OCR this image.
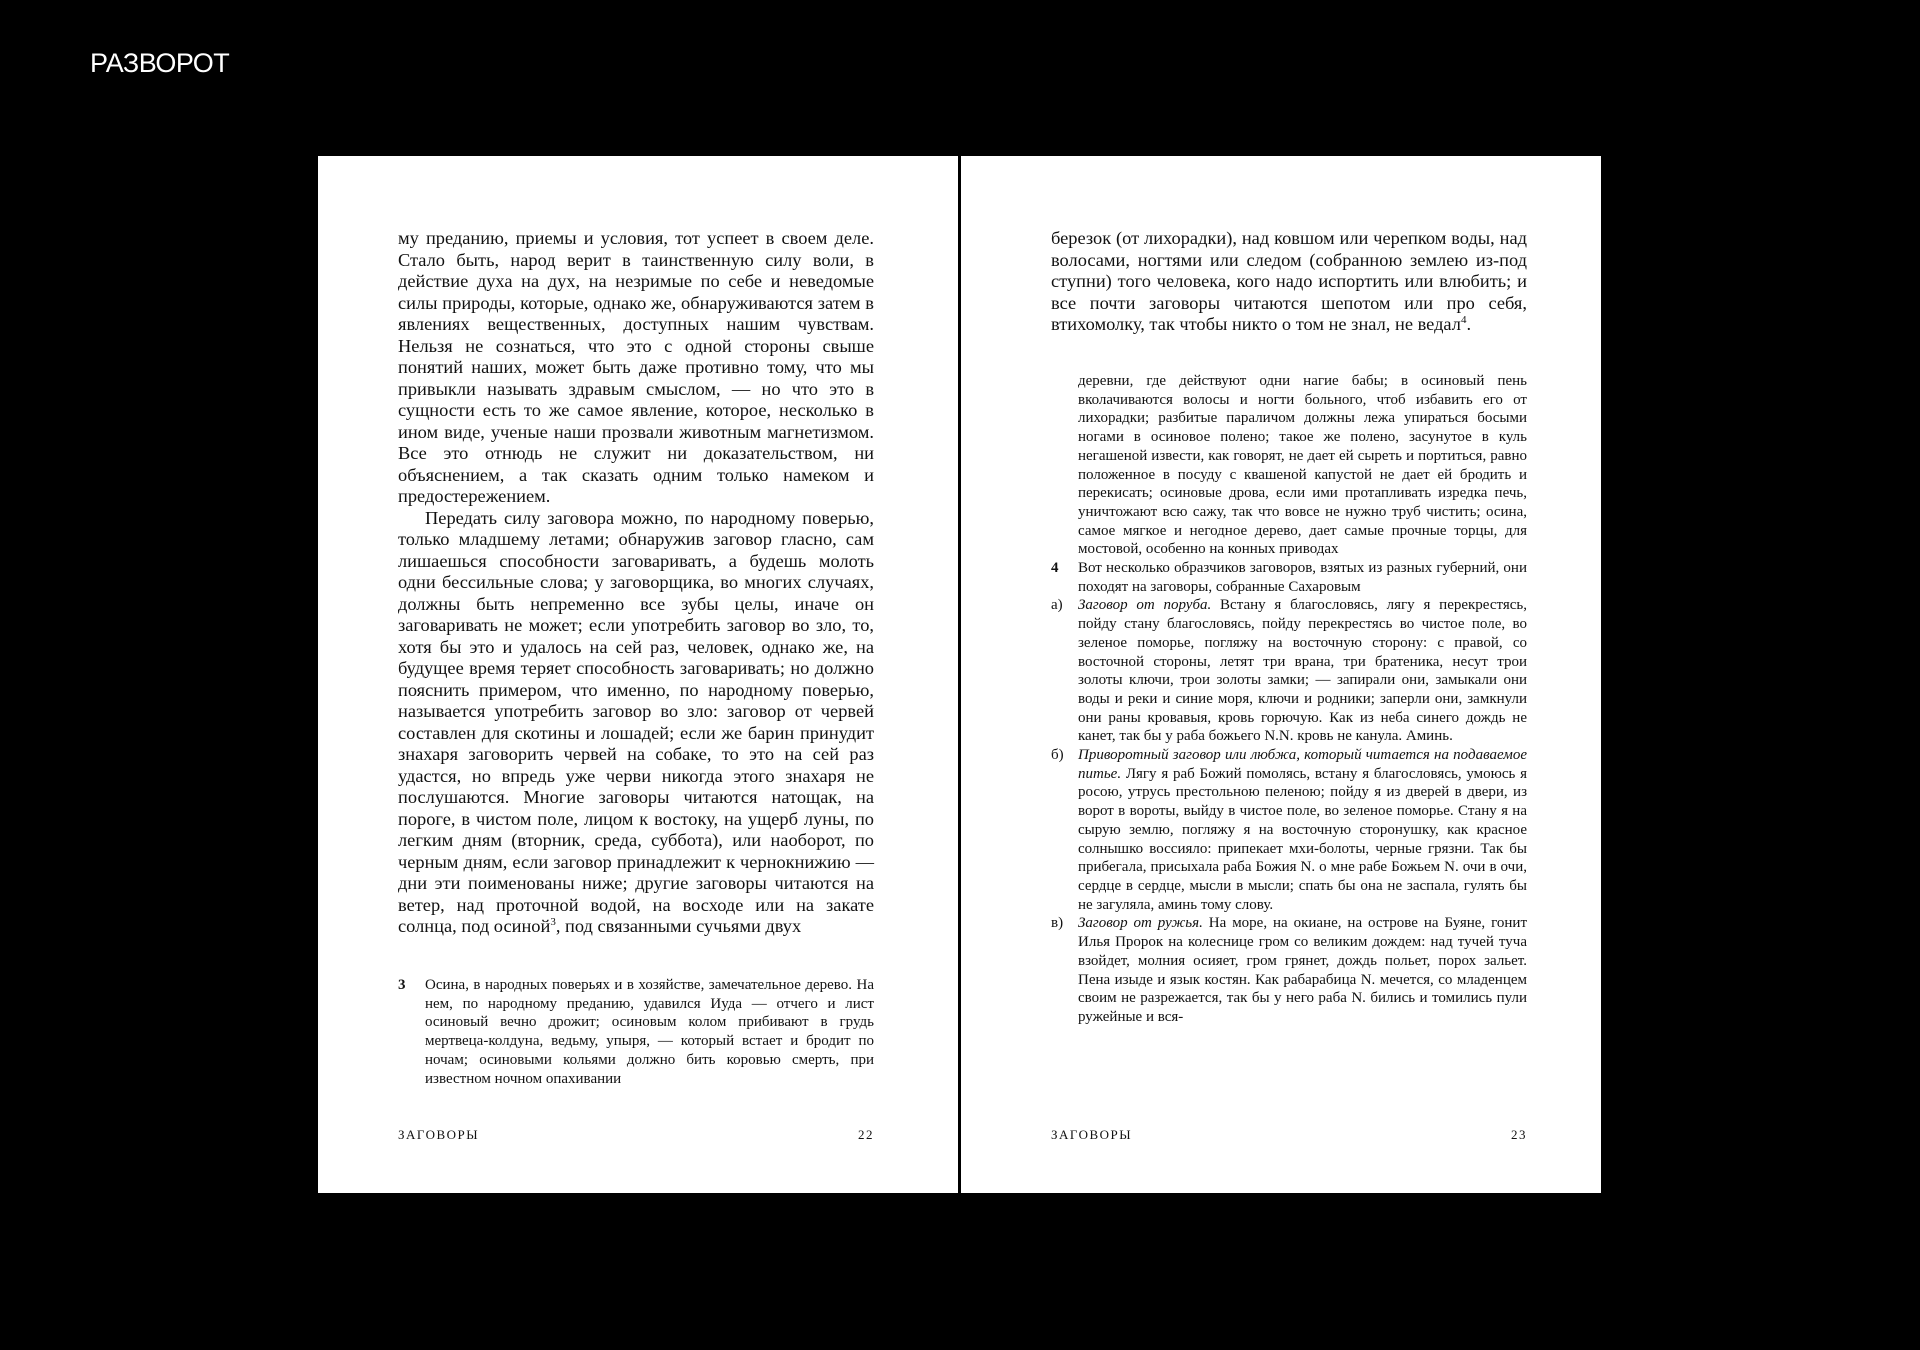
РАЗВОРОТ

му преданию, приемы и условия, тот успеет в своем деле. Стало быть, народ верит в таинственную силу воли, в действие духа на дух, на незримые по себе и неведомые силы природы, которые, однако же, обнаруживаются затем в явлениях вещественных, доступных нашим чувствам. Нельзя не сознаться, что это с одной стороны свыше понятий наших, может быть даже противно тому, что мы привыкли называть здравым смыслом, — но что это в сущности есть то же самое явление, которое, несколько в ином виде, ученые наши прозвали животным магнетизмом. Все это отнюдь не служит ни доказательством, ни объяснением, а так сказать одним только намеком и предостережением.

Передать силу заговора можно, по народному поверью, только младшему летами; обнаружив заговор гласно, сам лишаешься способности заговаривать, а будешь молоть одни бессильные слова; у заговорщика, во многих случаях, должны быть непременно все зубы целы, иначе он заговаривать не может; если употребить заговор во зло, то, хотя бы это и удалось на сей раз, человек, однако же, на будущее время теряет способность заговаривать; но должно пояснить примером, что именно, по народному поверью, называется употребить заговор во зло: заговор от червей составлен для скотины и лошадей; если же барин принудит знахаря заговорить червей на собаке, то это на сей раз удастся, но впредь уже черви никогда этого знахаря не послушаются. Многие заговоры читаются натощак, на пороге, в чистом поле, лицом к востоку, на ущерб луны, по легким дням (вторник, среда, суббота), или наоборот, по черным дням, если заговор принадлежит к чернокнижию — дни эти поименованы ниже; другие заговоры читаются на ветер, над проточной водой, на восходе или на закате солнца, под осиной$^3$, под связанными сучьями двух

3	Осина, в народных поверьях и в хозяйстве, замечательное дерево. На нем, по народному преданию, удавился Иуда — отчего и лист осиновый вечно дрожит; осиновым колом прибивают в грудь мертвеца-колдуна, ведьму, упыря, — который встает и бродит по ночам; осиновыми кольями должно бить коровью смерть, при известном ночном опахивании
ЗАГОВОРЫ	22

березок (от лихорадки), над ковшом или черепком воды, над волосами, ногтями или следом (собранною землею из-под ступни) того человека, кого надо испортить или влюбить; и все почти заговоры читаются шепотом или про себя, втихомолку, так чтобы никто о том не знал, не ведал$^4$.

деревни, где действуют одни нагие бабы; в осиновый пень вколачиваются волосы и ногти больного, чтоб избавить его от лихорадки; разбитые параличом должны лежа упираться босыми ногами в осиновое полено; такое же полено, засунутое в куль негашеной извести, как говорят, не дает ей сыреть и портиться, равно положенное в посуду с квашеной капустой не дает ей бродить и перекисать; осиновые дрова, если ими протапливать изредка печь, уничтожают всю сажу, так что вовсе не нужно труб чистить; осина, самое мягкое и негодное дерево, дает самые прочные торцы, для мостовой, особенно на конных приводах
4	Вот несколько образчиков заговоров, взятых из разных губерний, они походят на заговоры, собранные Сахаровым
а)	Заговор от поруба. Встану я благословясь, лягу я перекрестясь, пойду стану благословясь, пойду перекрестясь во чистое поле, во зеленое поморье, погляжу на восточную сторону: с правой, со восточной стороны, летят три врана, три братеника, несут трои золоты ключи, трои золоты замки; — запирали они, замыкали они воды и реки и синие моря, ключи и родники; заперли они, замкнули они раны кровавыя, кровь горючую. Как из неба синего дождь не канет, так бы у раба божьего N.N. кровь не канула. Аминь.
б) Приворотный заговор или любжа, который читается на подаваемое питье. Лягу я раб Божий помолясь, встану я благословясь, умоюсь я росою, утрусь престольною пеленою; пойду я из дверей в двери, из ворот в вороты, выйду в чистое поле, во зеленое поморье. Стану я на сырую землю, погляжу я на восточную сторонушку, как красное солнышко воссияло: припекает мхи-болоты, черные грязни. Так бы прибегала, присыхала раба Божия N. о мне рабе Божьем N. очи в очи, сердце в сердце, мысли в мысли; спать бы она не заспала, гулять бы не загуляла, аминь тому слову.
в) Заговор от ружья. На море, на окиане, на острове на Буяне, гонит Илья Пророк на колеснице гром со великим дождем: над тучей туча взойдет, молния осияет, гром грянет, дождь польет, порох зальет. Пена изыде и язык костян. Как рабарабица N. мечется, со младенцем своим не разрежается, так бы у него раба N. бились и томились пули ружейные и вся-
ЗАГОВОРЫ	23
